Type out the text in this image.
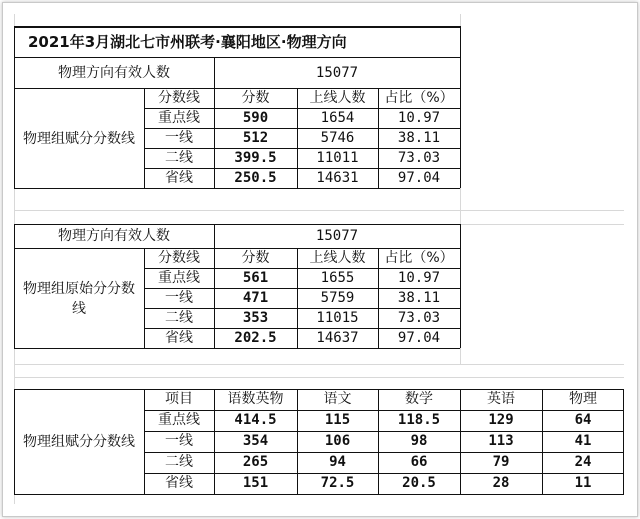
2021年3月湖北七市州联考·襄阳地区·物理方向
物理方向有效人数	15077
物理组赋分分数线
分数线	分数	上线人数	占比（%）
重点线	590	1654	10.97
一线	512	5746	38.11
二线	399.5	11011	73.03
省线	250.5	14631	97.04
物理方向有效人数	15077
物理组原始分分数线
分数线	分数	上线人数	占比（%）
重点线	561	1655	10.97
一线	471	5759	38.11
二线	353	11015	73.03
省线	202.5	14637	97.04
物理组赋分分数线
项目	语数英物	语文	数学	英语	物理
重点线	414.5	115	118.5	129	64
一线	354	106	98	113	41
二线	265	94	66	79	24
省线	151	72.5	20.5	28	11
